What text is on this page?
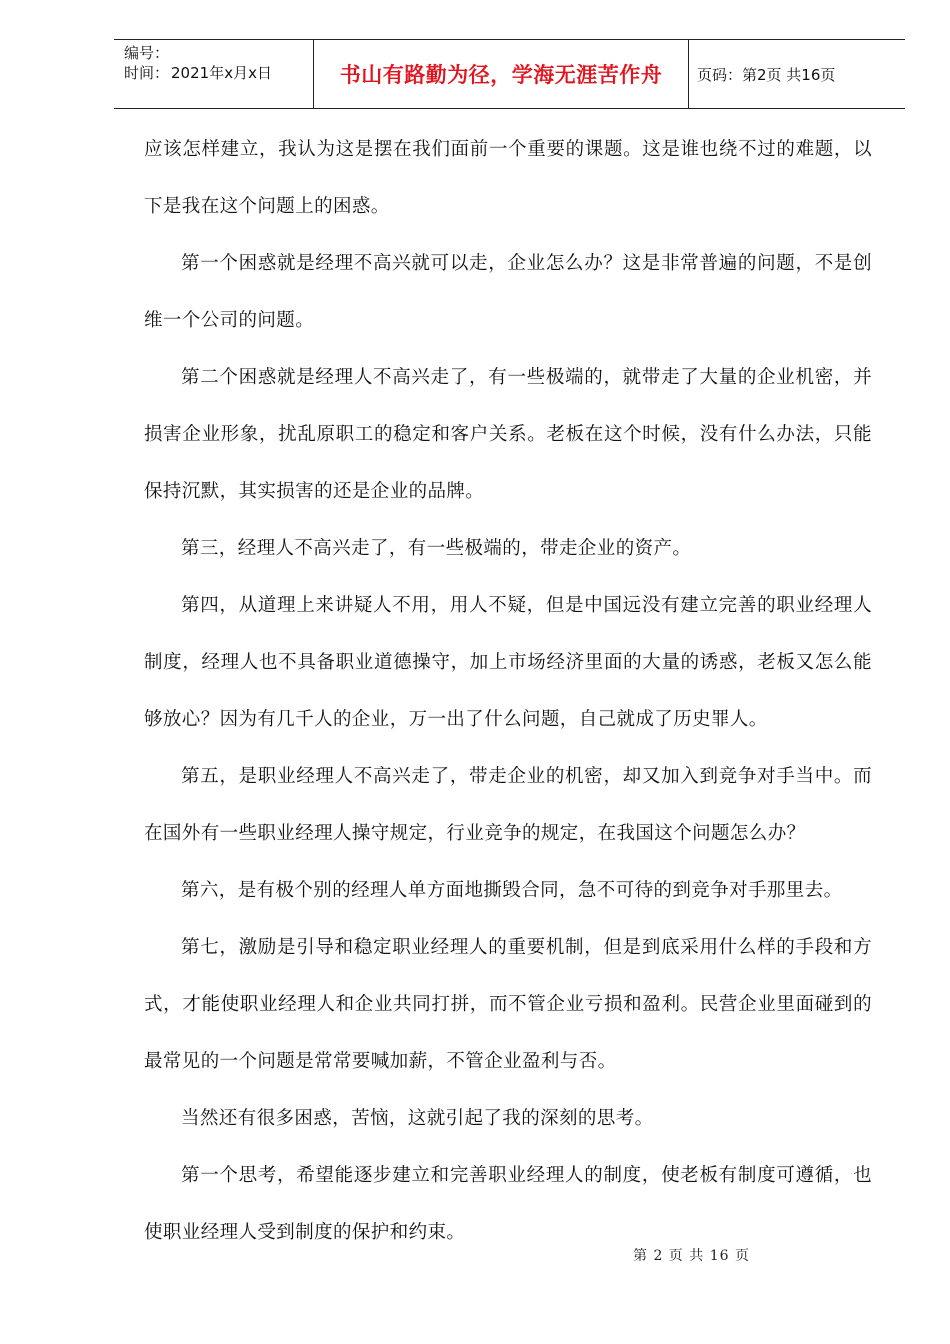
编号：
时间： 2021年x月x日	书山有路勤为径，学海无涯苦作舟	页码：第2页 共16页

应该怎样建立，我认为这是摆在我们面前一个重要的课题。这是谁也绕不过的难题，以下是我在这个问题上的困惑。

第一个困惑就是经理不高兴就可以走，企业怎么办？这是非常普遍的问题，不是创维一个公司的问题。

第二个困惑就是经理人不高兴走了，有一些极端的，就带走了大量的企业机密，并损害企业形象，扰乱原职工的稳定和客户关系。老板在这个时候，没有什么办法，只能保持沉默，其实损害的还是企业的品牌。

第三，经理人不高兴走了，有一些极端的，带走企业的资产。

第四，从道理上来讲疑人不用，用人不疑，但是中国远没有建立完善的职业经理人制度，经理人也不具备职业道德操守，加上市场经济里面的大量的诱惑，老板又怎么能够放心？因为有几千人的企业，万一出了什么问题，自己就成了历史罪人。

第五，是职业经理人不高兴走了，带走企业的机密，却又加入到竞争对手当中。而在国外有一些职业经理人操守规定，行业竞争的规定，在我国这个问题怎么办？

第六，是有极个别的经理人单方面地撕毁合同，急不可待的到竞争对手那里去。

第七，激励是引导和稳定职业经理人的重要机制，但是到底采用什么样的手段和方式，才能使职业经理人和企业共同打拼，而不管企业亏损和盈利。民营企业里面碰到的最常见的一个问题是常常要喊加薪，不管企业盈利与否。

当然还有很多困惑，苦恼，这就引起了我的深刻的思考。

第一个思考，希望能逐步建立和完善职业经理人的制度，使老板有制度可遵循，也使职业经理人受到制度的保护和约束。

第 2 页 共 16 页
